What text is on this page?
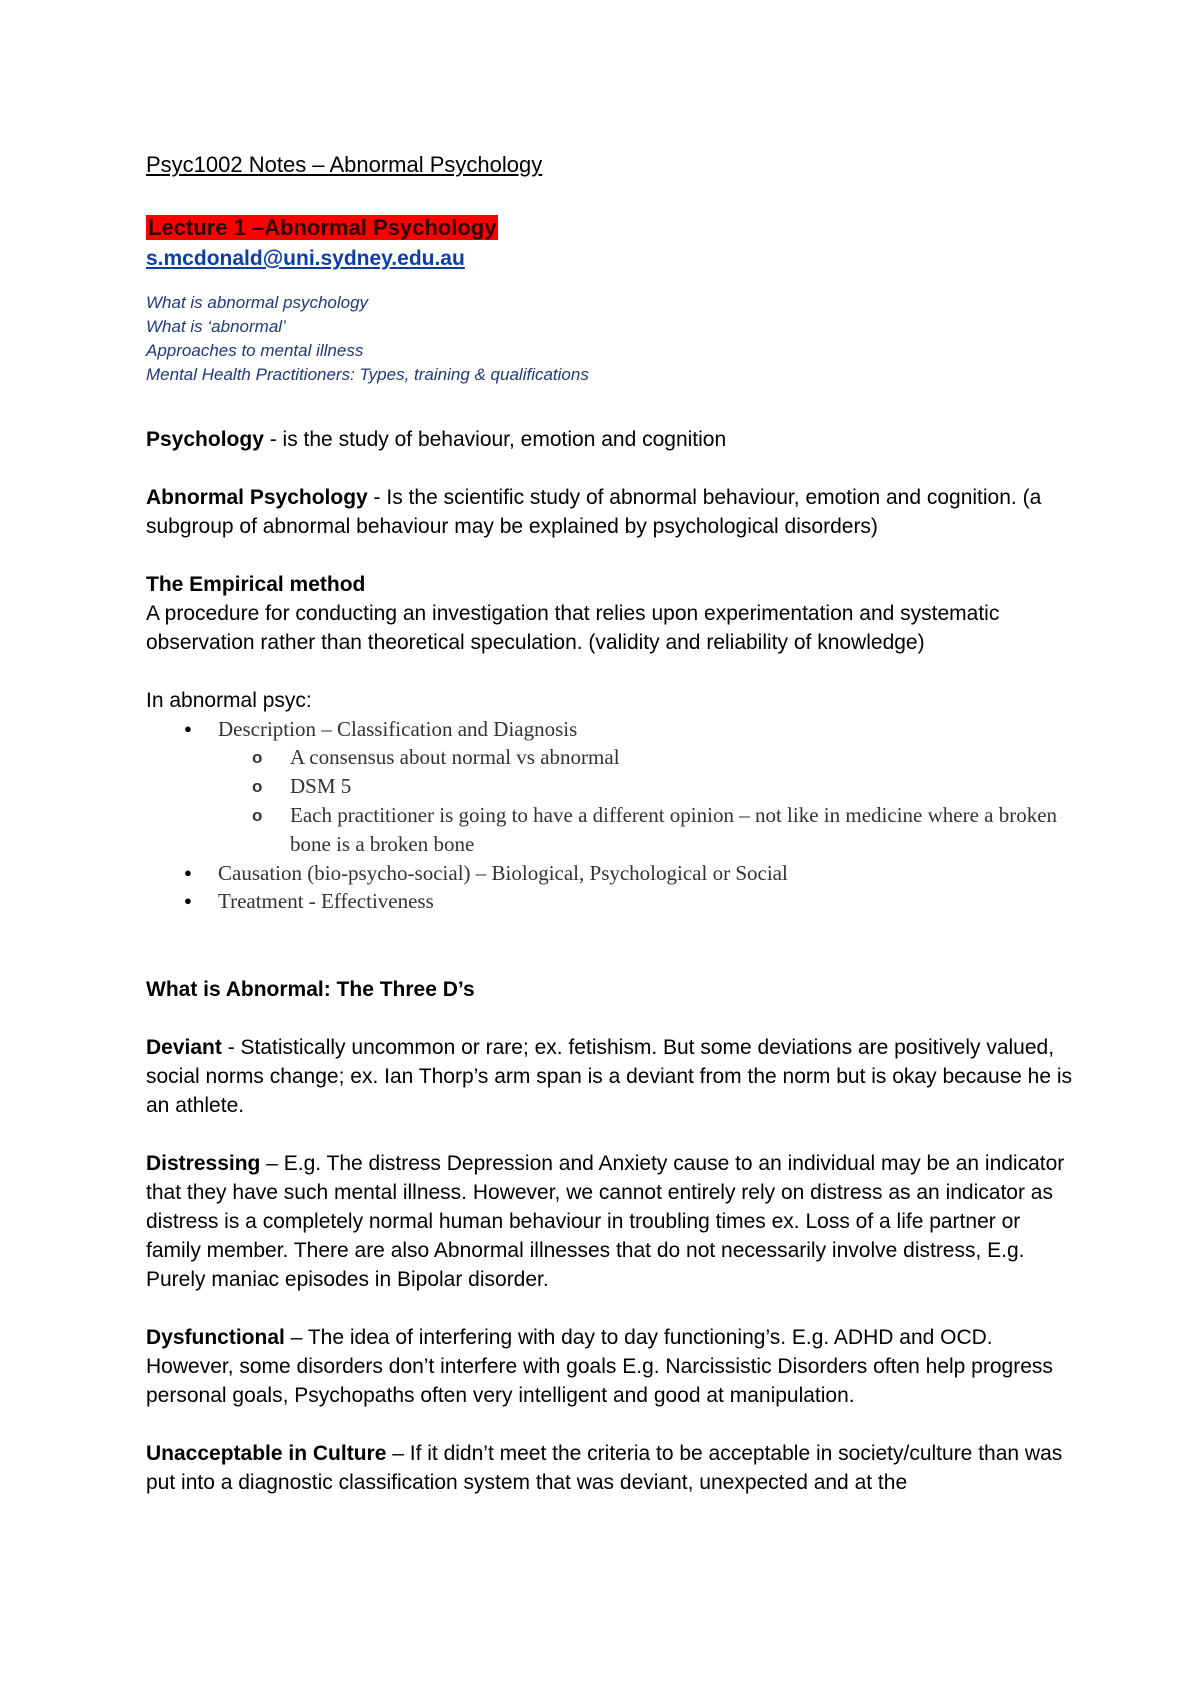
Psyc1002 Notes – Abnormal Psychology
Lecture 1 –Abnormal Psychology
s.mcdonald@uni.sydney.edu.au
What is abnormal psychology
What is ‘abnormal’
Approaches to mental illness
Mental Health Practitioners: Types, training & qualifications

Psychology - is the study of behaviour, emotion and cognition

Abnormal Psychology - Is the scientific study of abnormal behaviour, emotion and cognition. (a subgroup of abnormal behaviour may be explained by psychological disorders)

The Empirical method
A procedure for conducting an investigation that relies upon experimentation and systematic observation rather than theoretical speculation. (validity and reliability of knowledge)
In abnormal psyc:
● Description – Classification and Diagnosis
o A consensus about normal vs abnormal
o DSM 5
o Each practitioner is going to have a different opinion – not like in medicine where a broken bone is a broken bone
● Causation (bio-psycho-social) – Biological, Psychological or Social
● Treatment - Effectiveness

What is Abnormal: The Three D’s

Deviant - Statistically uncommon or rare; ex. fetishism. But some deviations are positively valued, social norms change; ex. Ian Thorp’s arm span is a deviant from the norm but is okay because he is an athlete.

Distressing – E.g. The distress Depression and Anxiety cause to an individual may be an indicator that they have such mental illness. However, we cannot entirely rely on distress as an indicator as distress is a completely normal human behaviour in troubling times ex. Loss of a life partner or family member. There are also Abnormal illnesses that do not necessarily involve distress, E.g. Purely maniac episodes in Bipolar disorder.

Dysfunctional – The idea of interfering with day to day functioning’s. E.g. ADHD and OCD. However, some disorders don’t interfere with goals E.g. Narcissistic Disorders often help progress personal goals, Psychopaths often very intelligent and good at manipulation.

Unacceptable in Culture – If it didn’t meet the criteria to be acceptable in society/culture than was put into a diagnostic classification system that was deviant, unexpected and at the
